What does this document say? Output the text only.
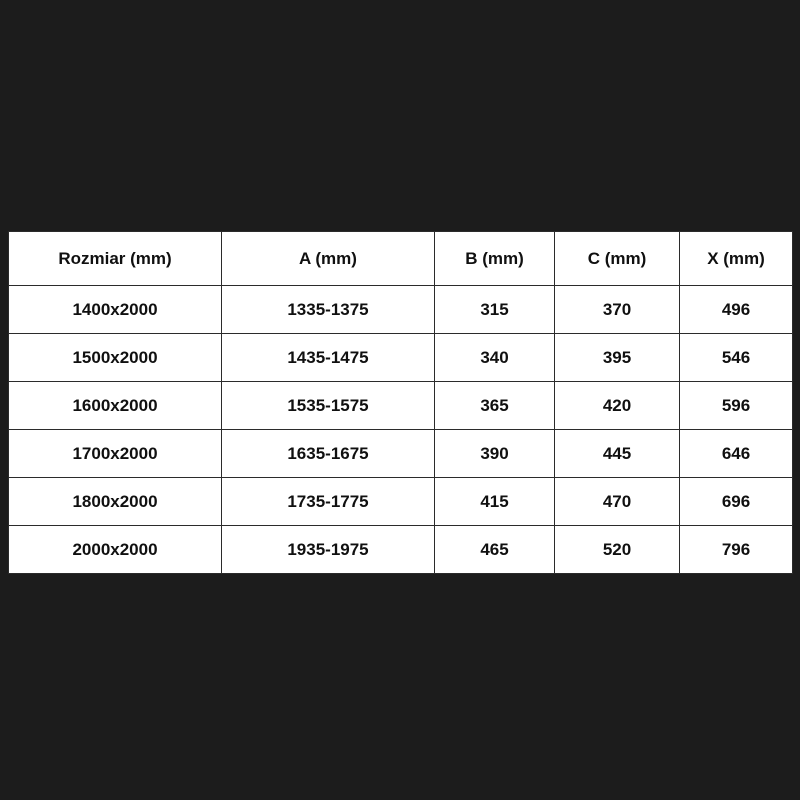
Rozmiar (mm)	A (mm)	B (mm)	C (mm)	X (mm)
1400x2000	1335-1375	315	370	496
1500x2000	1435-1475	340	395	546
1600x2000	1535-1575	365	420	596
1700x2000	1635-1675	390	445	646
1800x2000	1735-1775	415	470	696
2000x2000	1935-1975	465	520	796
